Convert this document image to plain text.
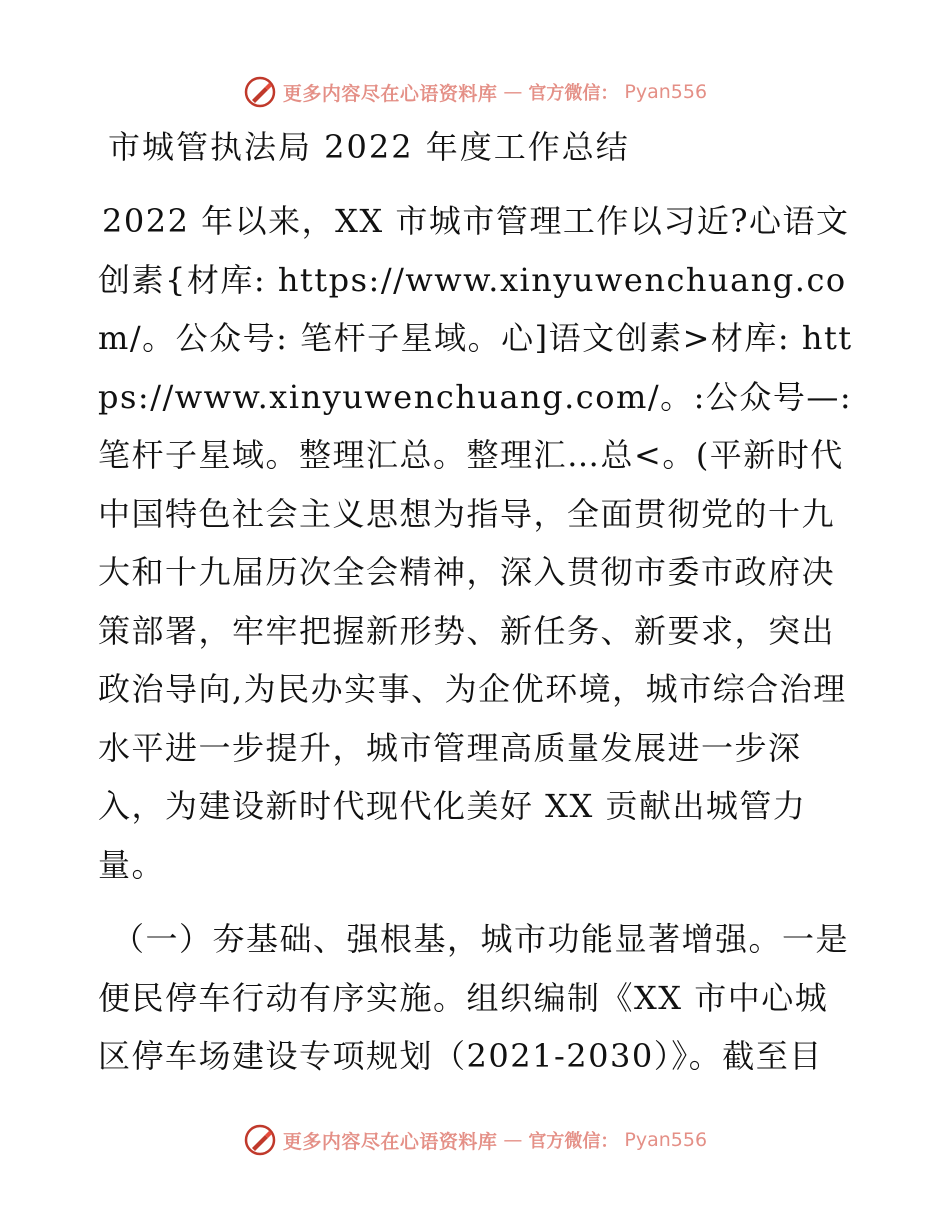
更多内容尽在心语资料库 — 官方微信： Pyan556
市城管执法局 2022 年度工作总结
2022 年以来，XX 市城市管理工作以习近?心语文创素{材库: https://www.xinyuwenchuang.com/。公众号: 笔杆子星域。心]语文创素>材库: https://www.xinyuwenchuang.com/。:公众号—:笔杆子星域。整理汇总。整理汇…总<。(平新时代中国特色社会主义思想为指导，全面贯彻党的十九大和十九届历次全会精神，深入贯彻市委市政府决策部署，牢牢把握新形势、新任务、新要求，突出政治导向,为民办实事、为企优环境，城市综合治理水平进一步提升，城市管理高质量发展进一步深入，为建设新时代现代化美好 XX 贡献出城管力量。
（一）夯基础、强根基，城市功能显著增强。一是便民停车行动有序实施。组织编制《XX 市中心城区停车场建设专项规划（2021-2030）》。截至目
更多内容尽在心语资料库 — 官方微信： Pyan556
